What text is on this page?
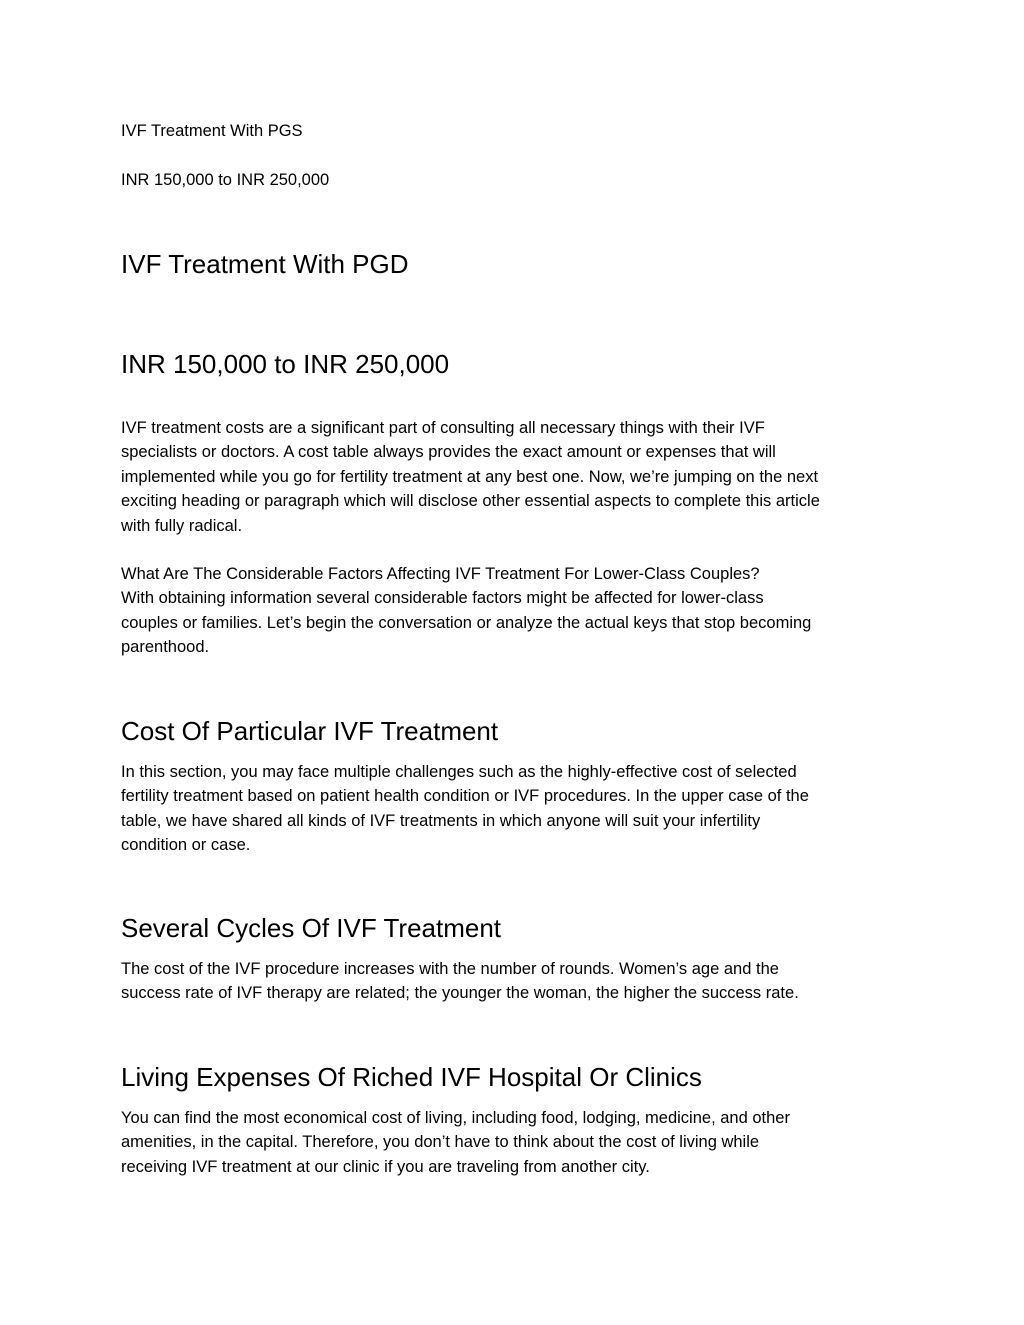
IVF Treatment With PGS

INR 150,000 to INR 250,000

IVF Treatment With PGD
INR 150,000 to INR 250,000
IVF treatment costs are a significant part of consulting all necessary things with their IVF
specialists or doctors. A cost table always provides the exact amount or expenses that will
implemented while you go for fertility treatment at any best one. Now, we’re jumping on the next
exciting heading or paragraph which will disclose other essential aspects to complete this article
with fully radical.
What Are The Considerable Factors Affecting IVF Treatment For Lower-Class Couples?
With obtaining information several considerable factors might be affected for lower-class
couples or families. Let’s begin the conversation or analyze the actual keys that stop becoming
parenthood.
Cost Of Particular IVF Treatment
In this section, you may face multiple challenges such as the highly-effective cost of selected
fertility treatment based on patient health condition or IVF procedures. In the upper case of the
table, we have shared all kinds of IVF treatments in which anyone will suit your infertility
condition or case.
Several Cycles Of IVF Treatment
The cost of the IVF procedure increases with the number of rounds. Women’s age and the
success rate of IVF therapy are related; the younger the woman, the higher the success rate.
Living Expenses Of Riched IVF Hospital Or Clinics
You can find the most economical cost of living, including food, lodging, medicine, and other
amenities, in the capital. Therefore, you don’t have to think about the cost of living while
receiving IVF treatment at our clinic if you are traveling from another city.
